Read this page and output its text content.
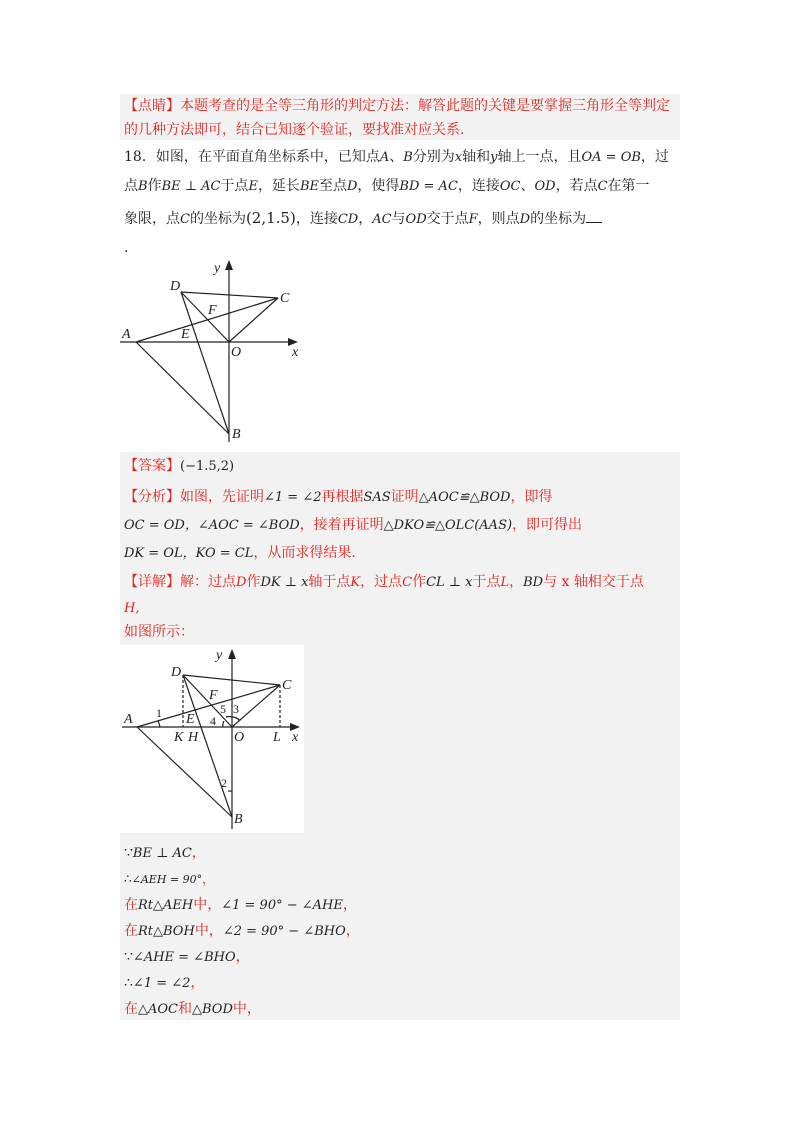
【点睛】本题考查的是全等三角形的判定方法：解答此题的关键是要掌握三角形全等判定
的几种方法即可，结合已知逐个验证，要找准对应关系.
18．如图，在平面直角坐标系中，已知点A、B分别为x轴和y轴上一点，且OA = OB，过
点B作BE ⊥ AC于点E，延长BE至点D，使得BD = AC，连接OC、OD，若点C在第一
象限，点C的坐标为(2,1.5)，连接CD，AC与OD交于点F，则点D的坐标为
.
y
x
D
C
F
A	E
O
B
【答案】(−1.5,2)
【分析】如图，先证明∠1 = ∠2再根据SAS证明△AOC≌△BOD，即得
OC = OD，∠AOC = ∠BOD，接着再证明△DKO≌△OLC(AAS)，即可得出
DK = OL，KO = CL，从而求得结果.
【详解】解：过点D作DK ⊥ x轴于点K，过点C作CL ⊥ x于点L，BD与 x 轴相交于点
H,
如图所示：
y
x
D
C
F
A	E
O
B
K H	L
1
2
3
4
5
∵BE ⊥ AC，
∴∠AEH = 90°，
在Rt△AEH中，∠1 = 90° − ∠AHE，
在Rt△BOH中，∠2 = 90° − ∠BHO，
∵∠AHE = ∠BHO，
∴∠1 = ∠2，
在△AOC和△BOD中，
